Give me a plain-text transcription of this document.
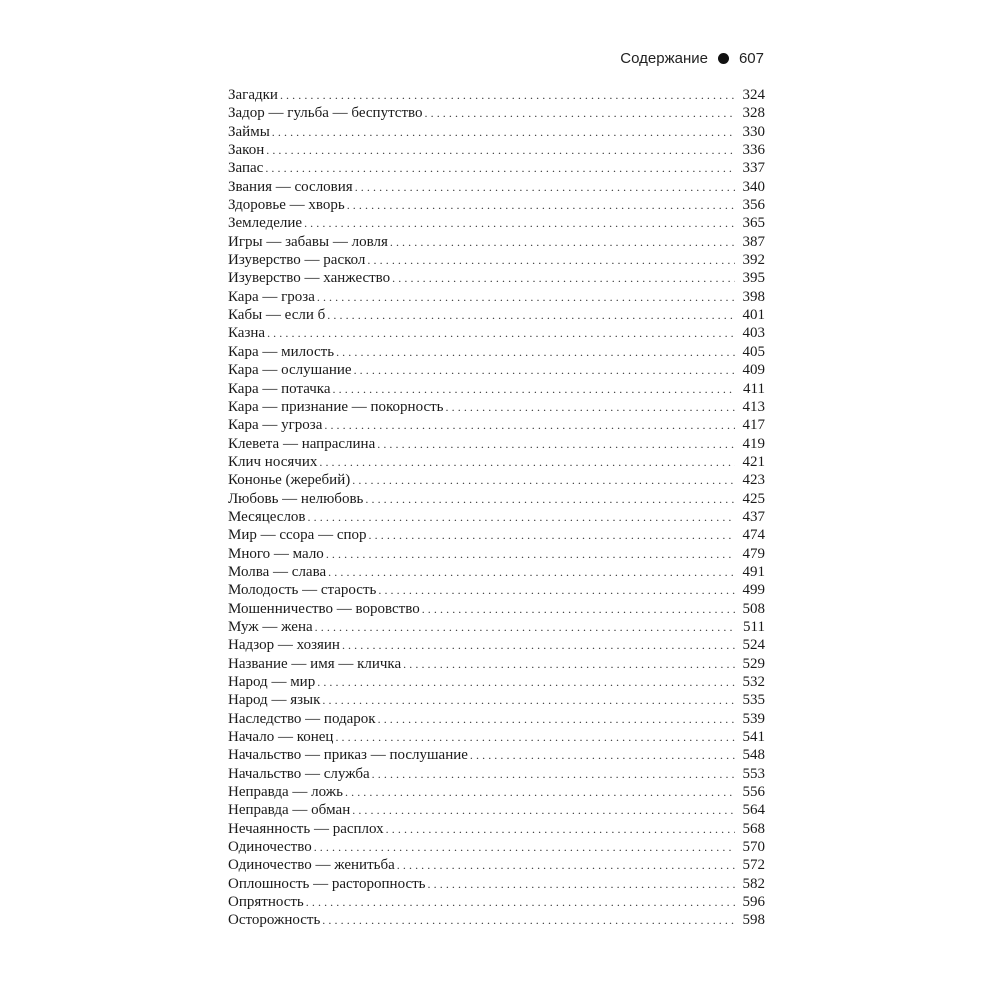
Содержание 607
Загадки .....	324
Задор — гульба — беспутство .....	328
Займы .....	330
Закон .....	336
Запас .....	337
Звания — сословия .....	340
Здоровье — хворь .....	356
Земледелие .....	365
Игры — забавы — ловля .....	387
Изуверство — раскол .....	392
Изуверство — ханжество .....	395
Кара — гроза .....	398
Кабы — если б .....	401
Казна .....	403
Кара — милость .....	405
Кара — ослушание .....	409
Кара — потачка .....	411
Кара — признание — покорность .....	413
Кара — угроза .....	417
Клевета — напраслина .....	419
Клич носячих .....	421
Кононье (жеребий) .....	423
Любовь — нелюбовь .....	425
Месяцеслов .....	437
Мир — ссора — спор .....	474
Много — мало .....	479
Молва — слава .....	491
Молодость — старость .....	499
Мошенничество — воровство .....	508
Муж — жена .....	511
Надзор — хозяин .....	524
Название — имя — кличка .....	529
Народ — мир .....	532
Народ — язык .....	535
Наследство — подарок .....	539
Начало — конец .....	541
Начальство — приказ — послушание .....	548
Начальство — служба .....	553
Неправда — ложь .....	556
Неправда — обман .....	564
Нечаянность — расплох .....	568
Одиночество .....	570
Одиночество — женитьба .....	572
Оплошность — расторопность .....	582
Опрятность .....	596
Осторожность .....	598
